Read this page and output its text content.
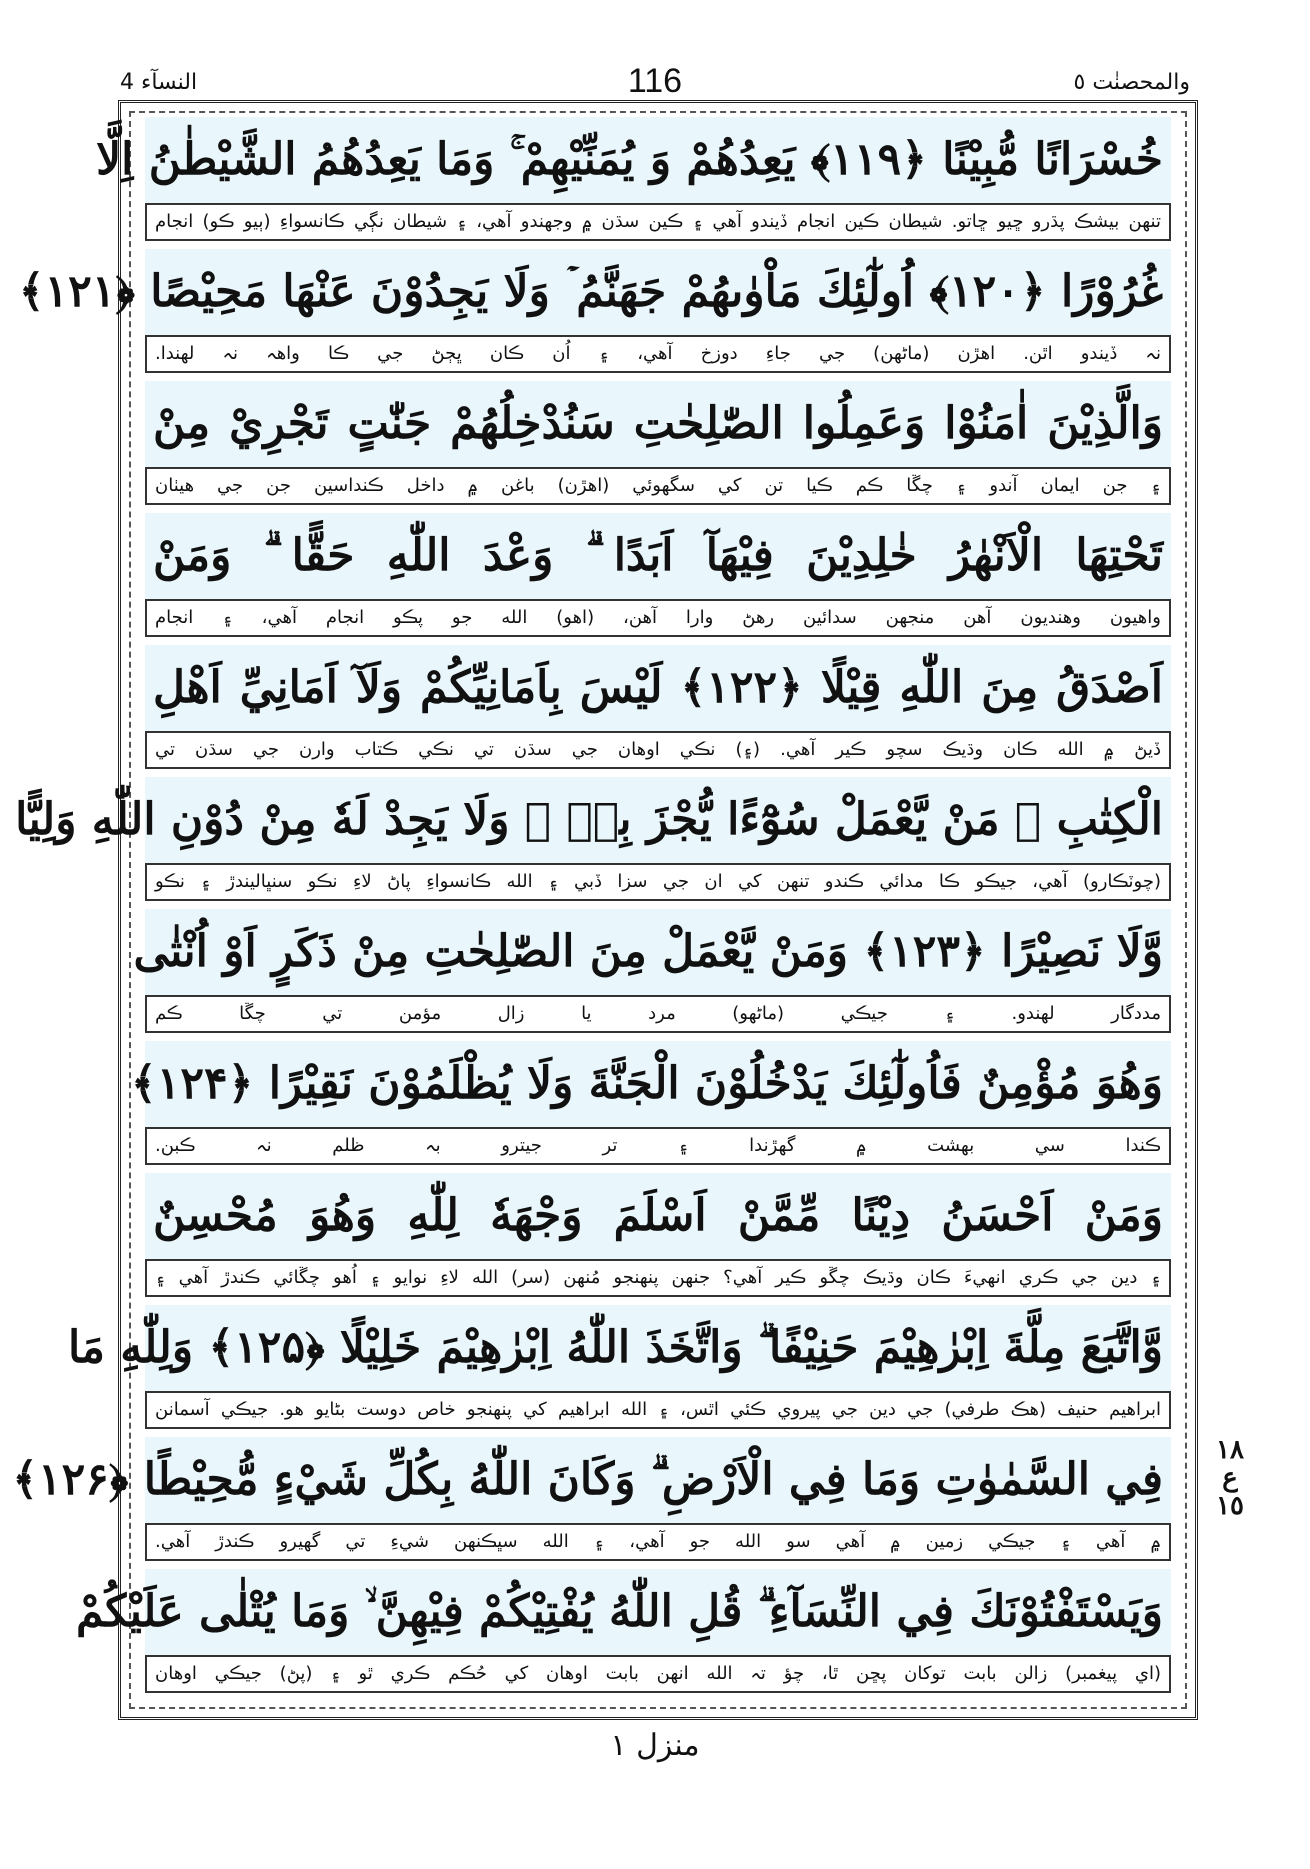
النسآء 4	116	والمحصنٰت ٥
خُسْرَانًا مُّبِيْنًا ﴿۱۱۹﴾ يَعِدُهُمْ وَ يُمَنِّيْهِمْ ۚ وَمَا يَعِدُهُمُ الشَّيْطٰنُ اِلَّا
تنهن بيشڪ پڌرو ڇيو ڇاتو. شيطان ڪين انجام ڏيندو آهي ۽ ڪين سڌن ۾ وجهندو آهي، ۽ شيطان نڳي ڪانسواءِ (ٻيو ڪو) انجام
غُرُوْرًا ﴿۱۲۰﴾ اُولٰٓئِكَ مَاْوٰىهُمْ جَهَنَّمُ ۡ وَلَا يَجِدُوْنَ عَنْهَا مَحِيْصًا ﴿۱۲۱﴾
نہ ڏيندو اٿن. اهڙن (ماڻهن) جي جاءِ دوزخ آهي، ۽ اُن ڪان ڀڄڻ جي ڪا واهہ نہ لهندا.
وَالَّذِيْنَ اٰمَنُوْا وَعَمِلُوا الصّٰلِحٰتِ سَنُدْخِلُهُمْ جَنّٰتٍ تَجْرِيْ مِنْ
۽ جن ايمان آندو ۽ چڱا ڪم ڪيا تن کي سگهوئي (اهڙن) باغن ۾ داخل ڪنداسين جن جي هيٺان
تَحْتِهَا الْاَنْهٰرُ خٰلِدِيْنَ فِيْهَآ اَبَدًا ۗ وَعْدَ اللّٰهِ حَقًّا ۗ وَمَنْ
واهيون وهنديون آهن منجهن سدائين رهڻ وارا آهن، (اهو) الله جو پڪو انجام آهي، ۽ انجام
اَصْدَقُ مِنَ اللّٰهِ قِيْلًا ﴿۱۲۲﴾ لَيْسَ بِاَمَانِيِّكُمْ وَلَآ اَمَانِيِّ اَهْلِ
ڏيڻ ۾ الله ڪان وڌيڪ سچو ڪير آهي. (۽) نڪي اوهان جي سڌن تي نڪي ڪتاب وارن جي سڌن تي
الْكِتٰبِ ۗ مَنْ يَّعْمَلْ سُوْٓءًا يُّجْزَ بِهٖ ۙ وَلَا يَجِدْ لَهٗ مِنْ دُوْنِ اللّٰهِ وَلِيًّا
(چوٽڪارو) آهي، جيڪو ڪا مدائي ڪندو تنهن کي ان جي سزا ڏبي ۽ الله ڪانسواءِ پاڻ لاءِ نڪو سنڀاليندڙ ۽ نڪو
وَّلَا نَصِيْرًا ﴿۱۲۳﴾ وَمَنْ يَّعْمَلْ مِنَ الصّٰلِحٰتِ مِنْ ذَكَرٍ اَوْ اُنْثٰى
مددگار لهندو. ۽ جيڪي (ماڻهو) مرد يا زال مؤمن تي چڱا ڪم
وَهُوَ مُؤْمِنٌ فَاُولٰٓئِكَ يَدْخُلُوْنَ الْجَنَّةَ وَلَا يُظْلَمُوْنَ نَقِيْرًا ﴿۱۲۴﴾
ڪندا سي بهشت ۾ گهڙندا ۽ تر جيترو بہ ظلم نہ ڪبن.
وَمَنْ اَحْسَنُ دِيْنًا مِّمَّنْ اَسْلَمَ وَجْهَهٗ لِلّٰهِ وَهُوَ مُحْسِنٌ
۽ دين جي ڪري انهيءَ ڪان وڌيڪ چڱو ڪير آهي؟ جنهن پنهنجو مُنهن (سر) الله لاءِ نوايو ۽ اُهو چڱائي ڪندڙ آهي ۽
وَّاتَّبَعَ مِلَّةَ اِبْرٰهِيْمَ حَنِيْفًا ۗ وَاتَّخَذَ اللّٰهُ اِبْرٰهِيْمَ خَلِيْلًا ﴿۱۲۵﴾ وَلِلّٰهِ مَا
ابراهيم حنيف (هڪ طرفي) جي دين جي پيروي ڪئي اٿس، ۽ الله ابراهيم کي پنهنجو خاص دوست بڻايو هو. جيڪي آسمانن
فِي السَّمٰوٰتِ وَمَا فِي الْاَرْضِ ۗ وَكَانَ اللّٰهُ بِكُلِّ شَيْءٍ مُّحِيْطًا ﴿۱۲۶﴾
۾ آهي ۽ جيڪي زمين ۾ آهي سو الله جو آهي، ۽ الله سڀڪنهن شيءِ تي گهيرو ڪندڙ آهي.
وَيَسْتَفْتُوْنَكَ فِي النِّسَآءِ ۗ قُلِ اللّٰهُ يُفْتِيْكُمْ فِيْهِنَّ ۙ وَمَا يُتْلٰى عَلَيْكُمْ
(اي پيغمبر) زالن بابت توکان پڇن ٿا، چؤ تہ الله انهن بابت اوهان کي حُڪم ڪري ٿو ۽ (پڻ) جيڪي اوهان
١٨
ع
١٥
منزل ۱
